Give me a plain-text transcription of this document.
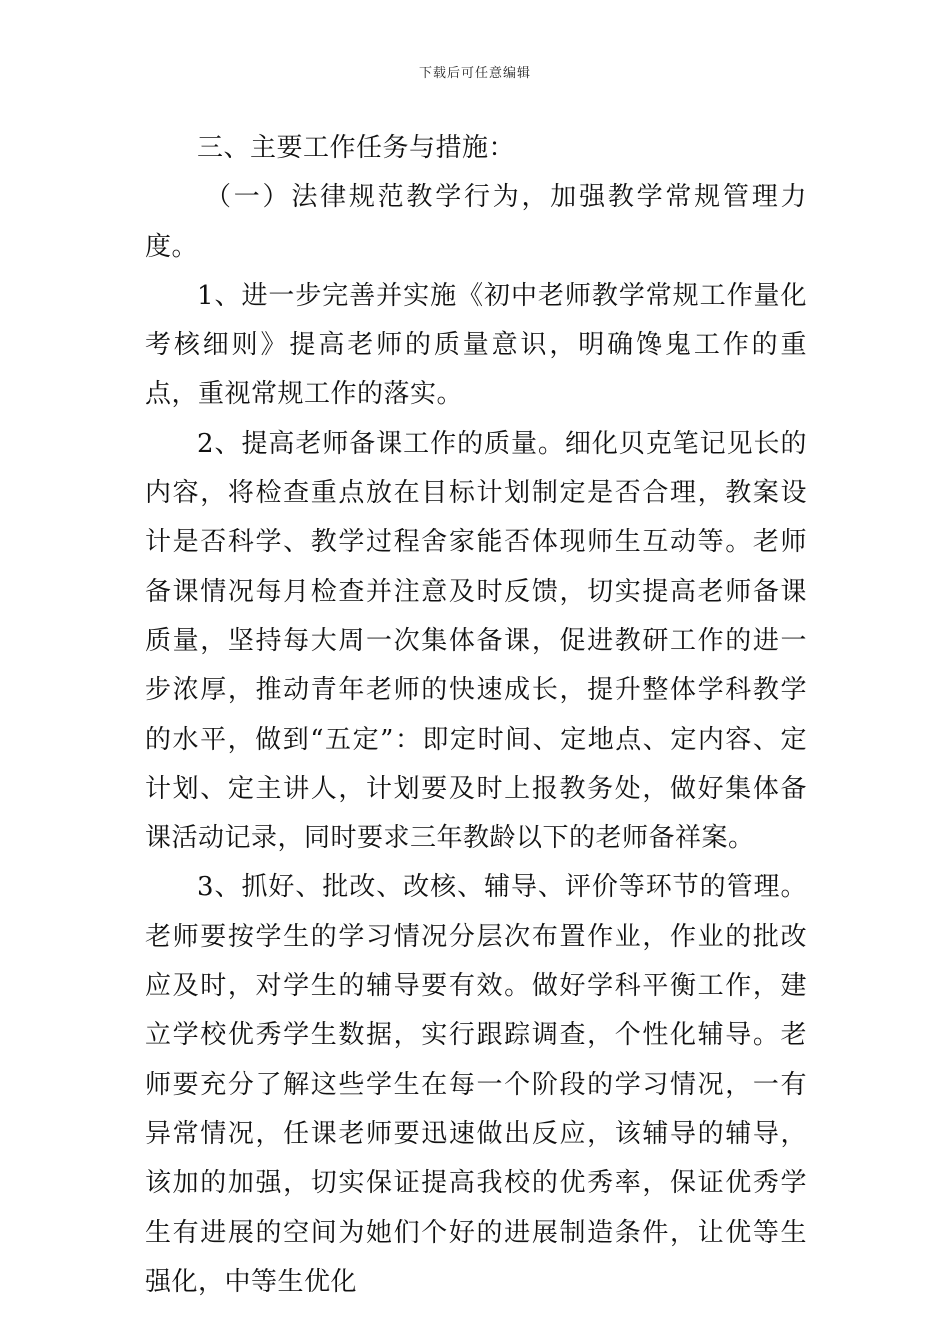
下载后可任意编辑

三、主要工作任务与措施：

（一）法律规范教学行为，加强教学常规管理力度。

1、进一步完善并实施《初中老师教学常规工作量化考核细则》提高老师的质量意识，明确馋鬼工作的重点，重视常规工作的落实。

2、提高老师备课工作的质量。细化贝克笔记见长的内容，将检查重点放在目标计划制定是否合理，教案设计是否科学、教学过程舍家能否体现师生互动等。老师备课情况每月检查并注意及时反馈，切实提高老师备课质量，坚持每大周一次集体备课，促进教研工作的进一步浓厚，推动青年老师的快速成长，提升整体学科教学的水平，做到“五定”：即定时间、定地点、定内容、定计划、定主讲人，计划要及时上报教务处，做好集体备课活动记录，同时要求三年教龄以下的老师备祥案。

3、抓好、批改、改核、辅导、评价等环节的管理。老师要按学生的学习情况分层次布置作业，作业的批改应及时，对学生的辅导要有效。做好学科平衡工作，建立学校优秀学生数据，实行跟踪调查，个性化辅导。老师要充分了解这些学生在每一个阶段的学习情况，一有异常情况，任课老师要迅速做出反应，该辅导的辅导，该加的加强，切实保证提高我校的优秀率，保证优秀学生有进展的空间为她们个好的进展制造条件，让优等生强化，中等生优化
